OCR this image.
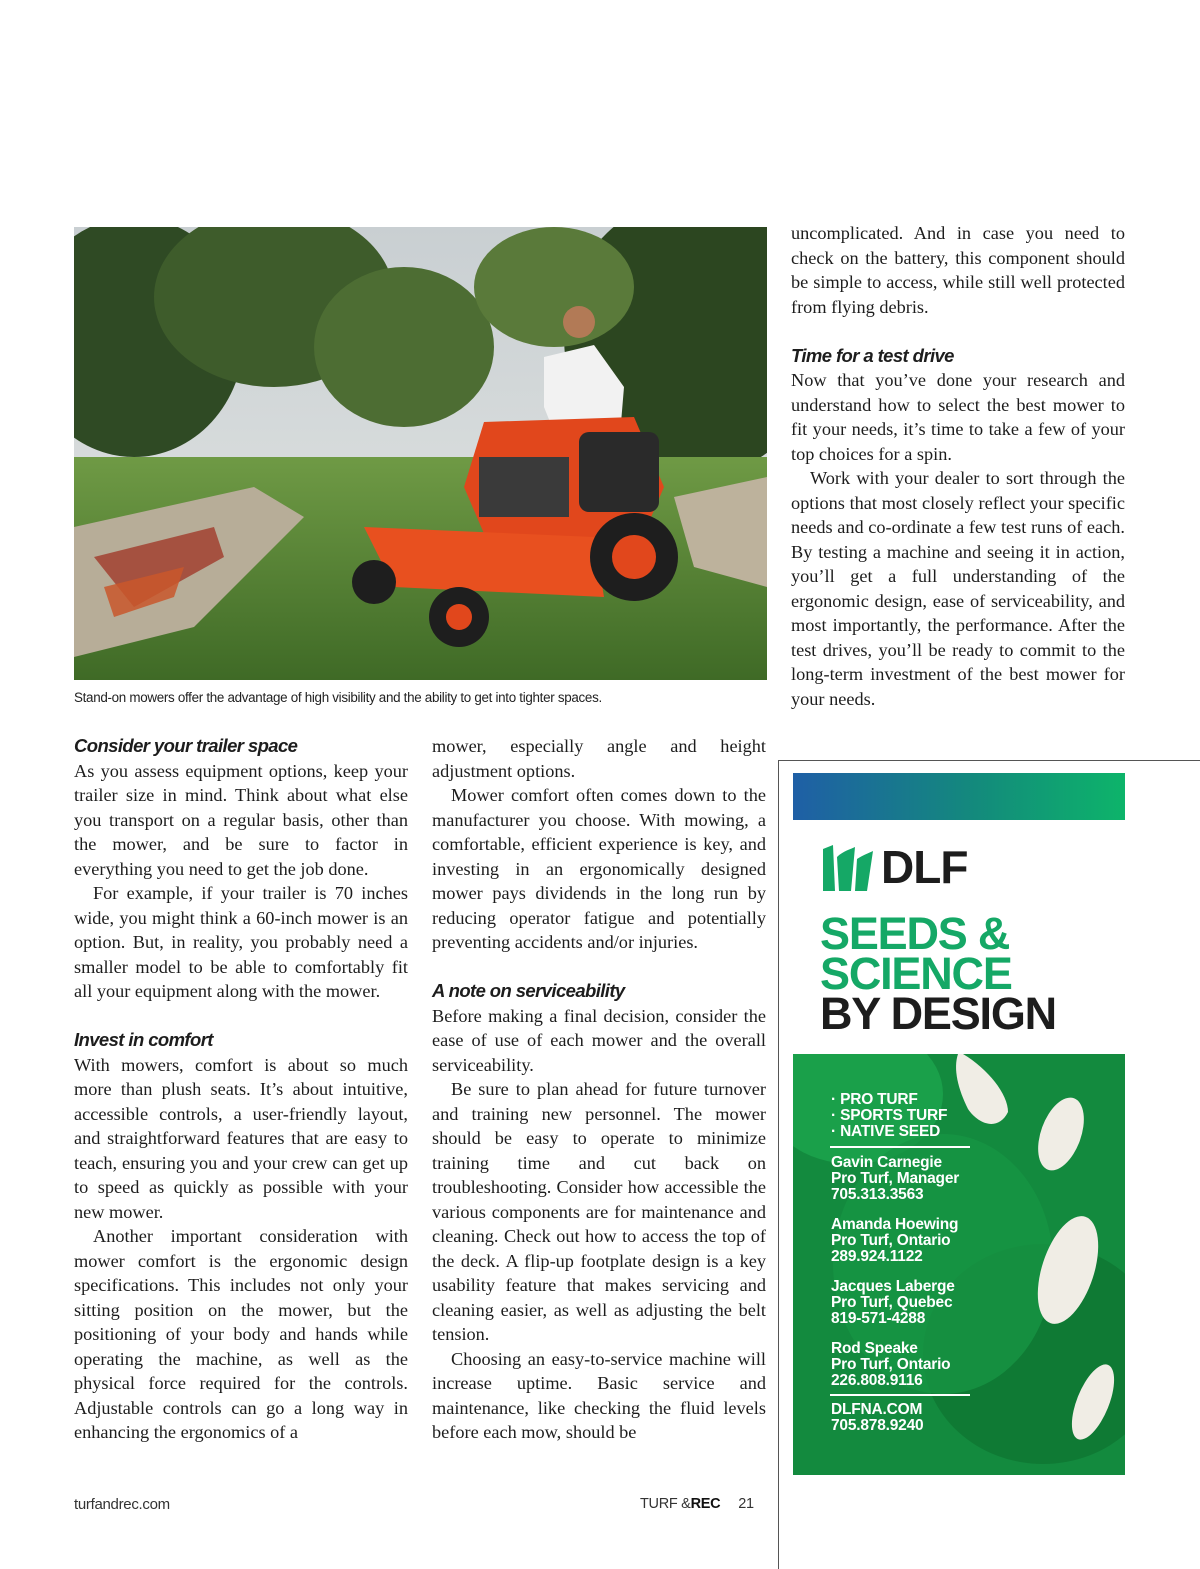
Stand-on mowers offer the advantage of high visibility and the ability to get into tighter spaces.
Consider your trailer space

As you assess equipment options, keep your trailer size in mind. Think about what else you transport on a regular basis, other than the mower, and be sure to factor in everything you need to get the job done.

For example, if your trailer is 70 inches wide, you might think a 60-inch mower is an option. But, in reality, you probably need a smaller model to be able to comfortably fit all your equipment along with the mower.

Invest in comfort

With mowers, comfort is about so much more than plush seats. It’s about intuitive, accessible controls, a user-friendly layout, and straightforward features that are easy to teach, ensuring you and your crew can get up to speed as quickly as possible with your new mower.

Another important consideration with mower comfort is the ergonomic design specifications. This includes not only your sitting position on the mower, but the positioning of your body and hands while operating the machine, as well as the physical force required for the controls. Adjustable controls can go a long way in enhancing the ergonomics of a

mower, especially angle and height adjustment options.

Mower comfort often comes down to the manufacturer you choose. With mowing, a comfortable, efficient experience is key, and investing in an ergonomically designed mower pays dividends in the long run by reducing operator fatigue and potentially preventing accidents and/or injuries.

A note on serviceability

Before making a final decision, consider the ease of use of each mower and the overall serviceability.

Be sure to plan ahead for future turnover and training new personnel. The mower should be easy to operate to minimize training time and cut back on troubleshooting. Consider how accessible the various components are for maintenance and cleaning. Check out how to access the top of the deck. A flip-up footplate design is a key usability feature that makes servicing and cleaning easier, as well as adjusting the belt tension.

Choosing an easy-to-service machine will increase uptime. Basic service and maintenance, like checking the fluid levels before each mow, should be

uncomplicated. And in case you need to check on the battery, this component should be simple to access, while still well protected from flying debris.

Time for a test drive

Now that you’ve done your research and understand how to select the best mower to fit your needs, it’s time to take a few of your top choices for a spin.

Work with your dealer to sort through the options that most closely reflect your specific needs and co-ordinate a few test runs of each. By testing a machine and seeing it in action, you’ll get a full understanding of the ergonomic design, ease of serviceability, and most importantly, the performance. After the test drives, you’ll be ready to commit to the long-term investment of the best mower for your needs.

DLF
SEEDS &
SCIENCE
BY DESIGN
· PRO TURF
· SPORTS TURF
· NATIVE SEED
Gavin Carnegie
Pro Turf, Manager
705.313.3563
Amanda Hoewing
Pro Turf, Ontario
289.924.1122
Jacques Laberge
Pro Turf, Quebec
819-571-4288
Rod Speake
Pro Turf, Ontario
226.808.9116
DLFNA.COM
705.878.9240
turfandrec.com	TURF &REC 21
